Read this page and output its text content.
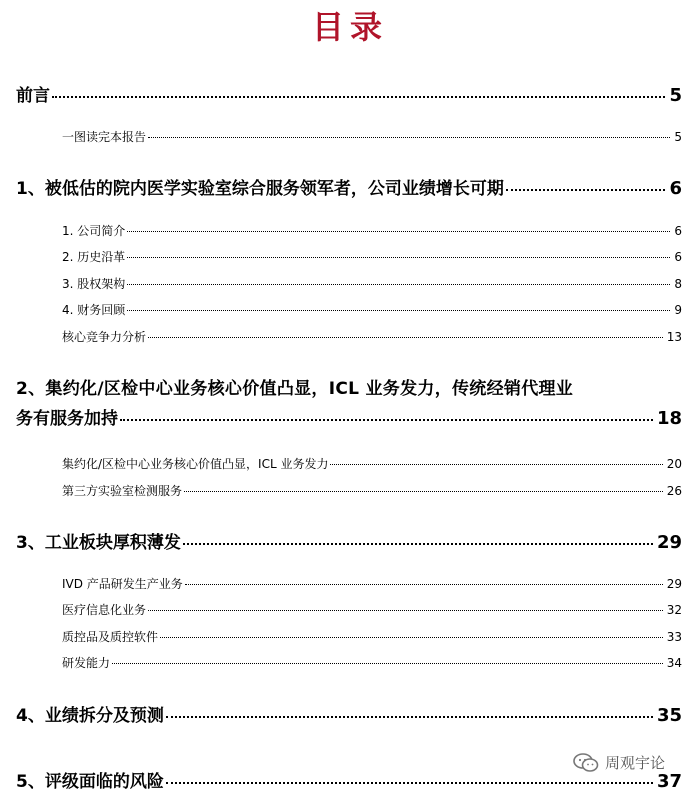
目录
前言	5
一图读完本报告	5
1、被低估的院内医学实验室综合服务领军者，公司业绩增长可期	6
1. 公司简介	6
2. 历史沿革	6
3. 股权架构	8
4. 财务回顾	9
核心竞争力分析	13
2、集约化/区检中心业务核心价值凸显，ICL 业务发力，传统经销代理业
务有服务加持	18
集约化/区检中心业务核心价值凸显，ICL 业务发力	20
第三方实验室检测服务	26
3、工业板块厚积薄发	29
IVD 产品研发生产业务	29
医疗信息化业务	32
质控品及质控软件	33
研发能力	34
4、业绩拆分及预测	35
5、评级面临的风险	37
周观宇论
